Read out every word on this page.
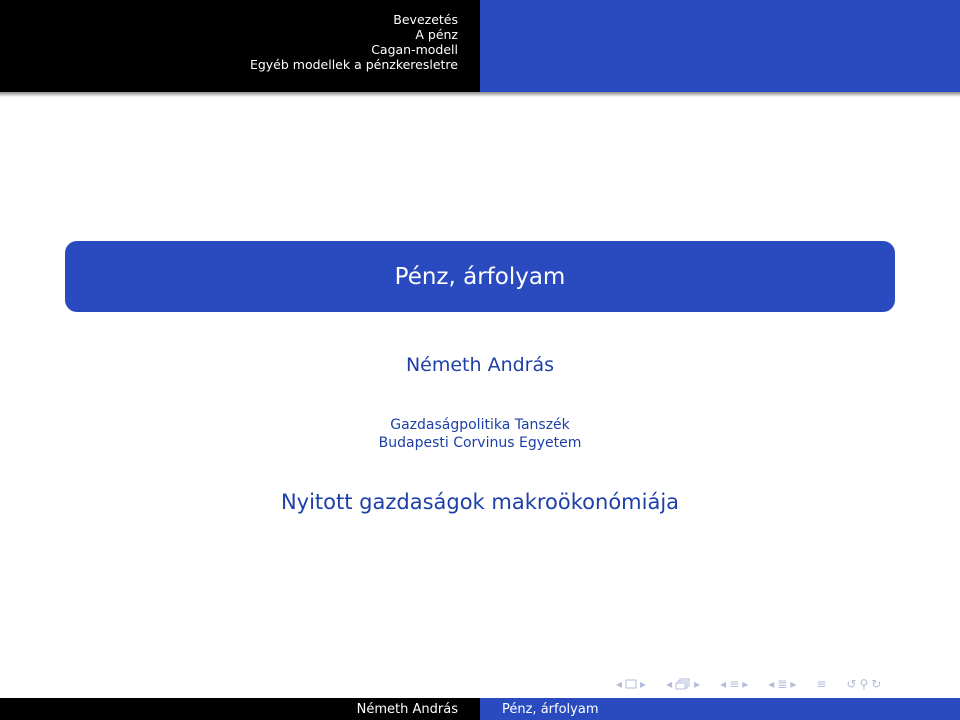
Bevezetés
A pénz
Cagan-modell
Egyéb modellek a pénzkeresletre
Pénz, árfolyam
Németh András
Gazdaságpolitika Tanszék
Budapesti Corvinus Egyetem
Nyitott gazdaságok makroökonómiája
◂ ▸ ◂ ▸ ◂ ≡ ▸ ◂ ≣ ▸ ≡ ↺ ⚲ ↻
Németh András	Pénz, árfolyam
